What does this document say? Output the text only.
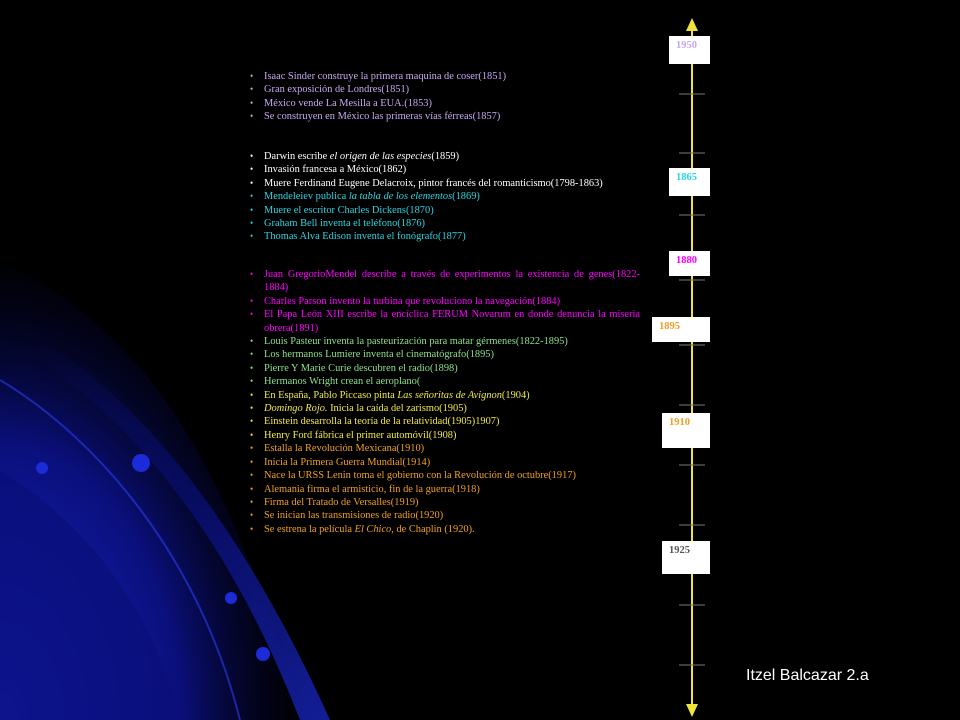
1950
1865
1880
1895
1910
1925
• Isaac Sinder construye la primera maquina de coser(1851)
• Gran exposición de Londres(1851)
• México vende La Mesilla a EUA.(1853)
• Se construyen en México las primeras vías férreas(1857)
• Darwin escribe el origen de las especies(1859)
• Invasión francesa a México(1862)
• Muere Ferdinand Eugene Delacroix, pintor francés del romanticismo(1798-1863)
• Mendeleiev publica la tabla de los elementos(1869)
• Muere el escritor Charles Dickens(1870)
• Graham Bell inventa el teléfono(1876)
• Thomas Alva Edison inventa el fonógrafo(1877)
• Juan GregorioMendel describe a través de experimentos la existencia de genes(1822-1884)
• Charles Parson invento la turbina que revoluciono la navegación(1884)
• El Papa León XIII escribe la encíclica FERUM Novarum en donde denuncia la miseria obrera(1891)
• Louis Pasteur inventa la pasteurización para matar gérmenes(1822-1895)
• Los hermanos Lumiere inventa el cinematógrafo(1895)
• Pierre Y Marie Curie descubren el radio(1898)
• Hermanos Wright crean el aeroplano(
• En España, Pablo Piccaso pinta Las señoritas de Avignon(1904)
• Domingo Rojo. Inicia la caída del zarismo(1905)
• Einstein desarrolla la teoría de la relatividad(1905)1907)
• Henry Ford fábrica el primer automóvil(1908)
• Estalla la Revolución Mexicana(1910)
• Inicia la Primera Guerra Mundial(1914)
• Nace la URSS Lenin toma el gobierno con la Revolución de octubre(1917)
• Alemania firma el armisticio, fin de la guerra(1918)
• Firma del Tratado de Versalles(1919)
• Se inician las transmisiones de radio(1920)
• Se estrena la película El Chico, de Chaplin (1920).
Itzel Balcazar 2.a
